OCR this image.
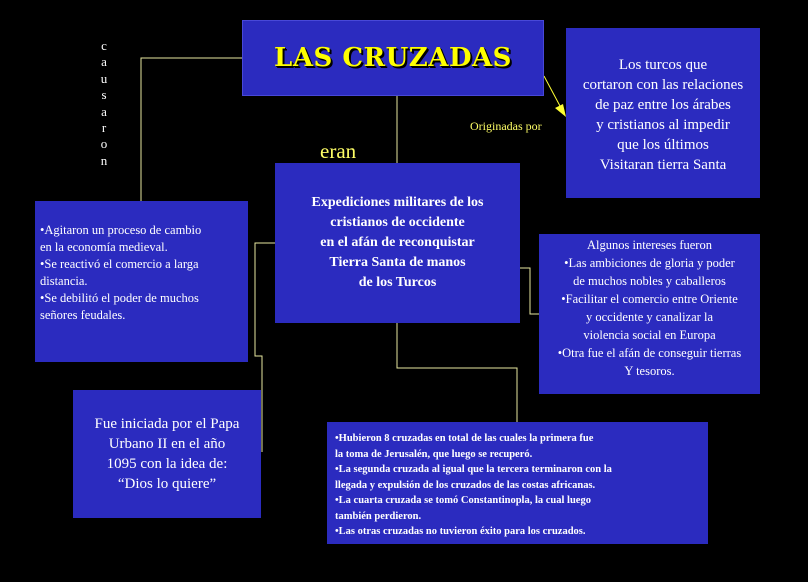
LAS CRUZADAS	Los turcos que
cortaron con las relaciones
de paz entre los árabes
y cristianos al impedir
que los últimos
Visitaran tierra Santa
c
a
u
s
a
r
o
n
Originadas por
eran
•Agitaron un proceso de cambio
en la economía medieval.
•Se reactivó el comercio a larga
distancia.
•Se debilitó el poder de muchos
señores feudales.
Expediciones militares de los
cristianos de occidente
en el afán de reconquistar
Tierra Santa de manos
de los Turcos
Algunos intereses fueron
•Las ambiciones de gloria y poder
de muchos nobles y caballeros
•Facilitar el comercio entre Oriente
y occidente y canalizar la
violencia social en Europa
•Otra fue el afán de conseguir tierras
Y tesoros.
Fue iniciada por el Papa
Urbano II en el año
1095 con la idea de:
“Dios lo quiere”
•Hubieron 8 cruzadas en total de las cuales la primera fue
la toma de Jerusalén, que luego se recuperó.
•La segunda cruzada al igual que la tercera terminaron con la
llegada y expulsión de los cruzados de las costas africanas.
•La cuarta cruzada se tomó Constantinopla, la cual luego
también perdieron.
•Las otras cruzadas no tuvieron éxito para los cruzados.
